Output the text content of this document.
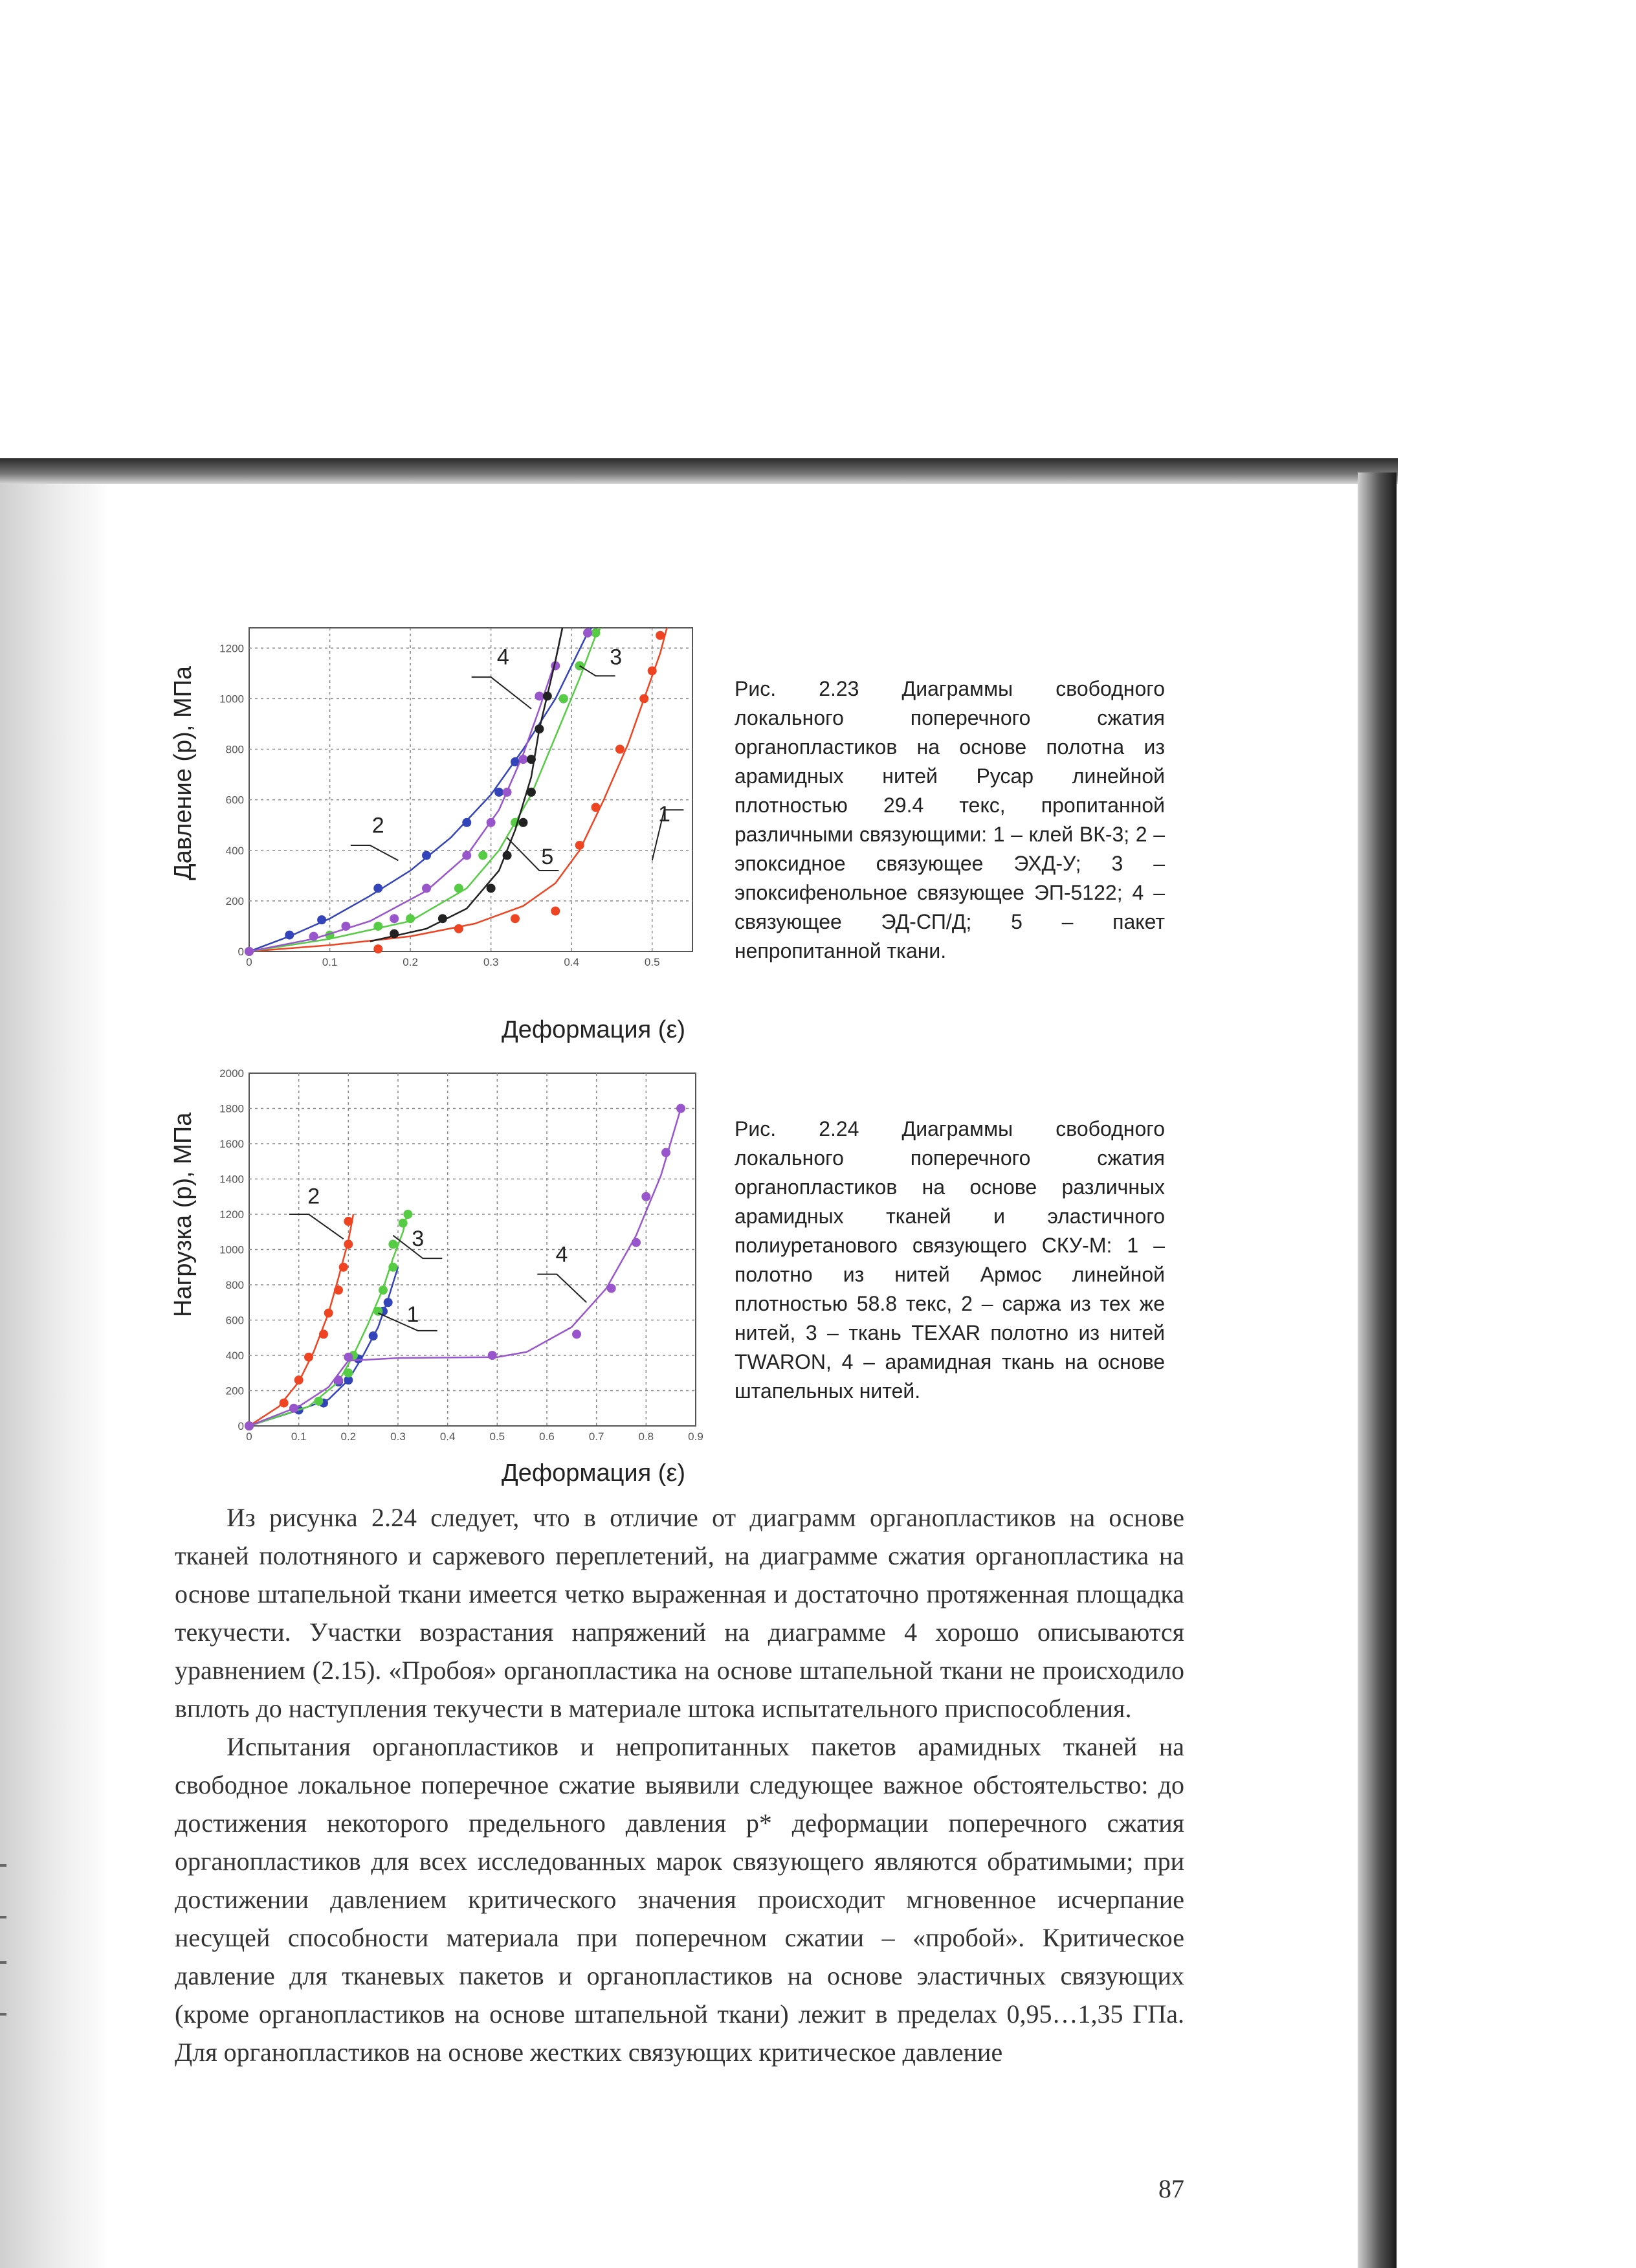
0	0.1	0.2	0.3	0.4	0.5
0
200
400
600
800
1000
1200
1
2
3
4
5
Давление (р), МПа
Деформация (ε)
Рис. 2.23 Диаграммы свободного локального поперечного сжатия органопластиков на основе полотна из арамидных нитей Русар линейной плотностью 29.4 текс, пропитанной различными связующими: 1 – клей ВК-3; 2 – эпоксидное связующее ЭХД-У; 3 – эпоксифенольное связующее ЭП-5122; 4 – связующее ЭД-СП/Д; 5 – пакет непропитанной ткани.
0	0.1	0.2	0.3	0.4	0.5	0.6	0.7	0.8	0.9
0
200
400
600
800
1000
1200
1400
1600
1800
2000
1
2
3
4
Нагрузка (р), МПа
Деформация (ε)
Рис. 2.24 Диаграммы свободного локального поперечного сжатия органопластиков на основе различных арамидных тканей и эластичного полиуретанового связующего СКУ-М: 1 – полотно из нитей Армос линейной плотностью 58.8 текс, 2 – саржа из тех же нитей, 3 – ткань TEXAR полотно из нитей TWARON, 4 – арамидная ткань на основе штапельных нитей.

Из рисунка 2.24 следует, что в отличие от диаграмм органопластиков на основе тканей полотняного и саржевого переплетений, на диаграмме сжатия органопластика на основе штапельной ткани имеется четко выраженная и достаточно протяженная площадка текучести. Участки возрастания напряжений на диаграмме 4 хорошо описываются уравнением (2.15). «Пробоя» органопластика на основе штапельной ткани не происходило вплоть до наступления текучести в материале штока испытательного приспособления.

Испытания органопластиков и непропитанных пакетов арамидных тканей на свободное локальное поперечное сжатие выявили следующее важное обстоятельство: до достижения некоторого предельного давления p* деформации поперечного сжатия органопластиков для всех исследованных марок связующего являются обратимыми; при достижении давлением критического значения происходит мгновенное исчерпание несущей способности материала при поперечном сжатии – «пробой». Критическое давление для тканевых пакетов и органопластиков на основе эластичных связующих (кроме органопластиков на основе штапельной ткани) лежит в пределах 0,95…1,35 ГПа. Для органопластиков на основе жестких связующих критическое давление

87
